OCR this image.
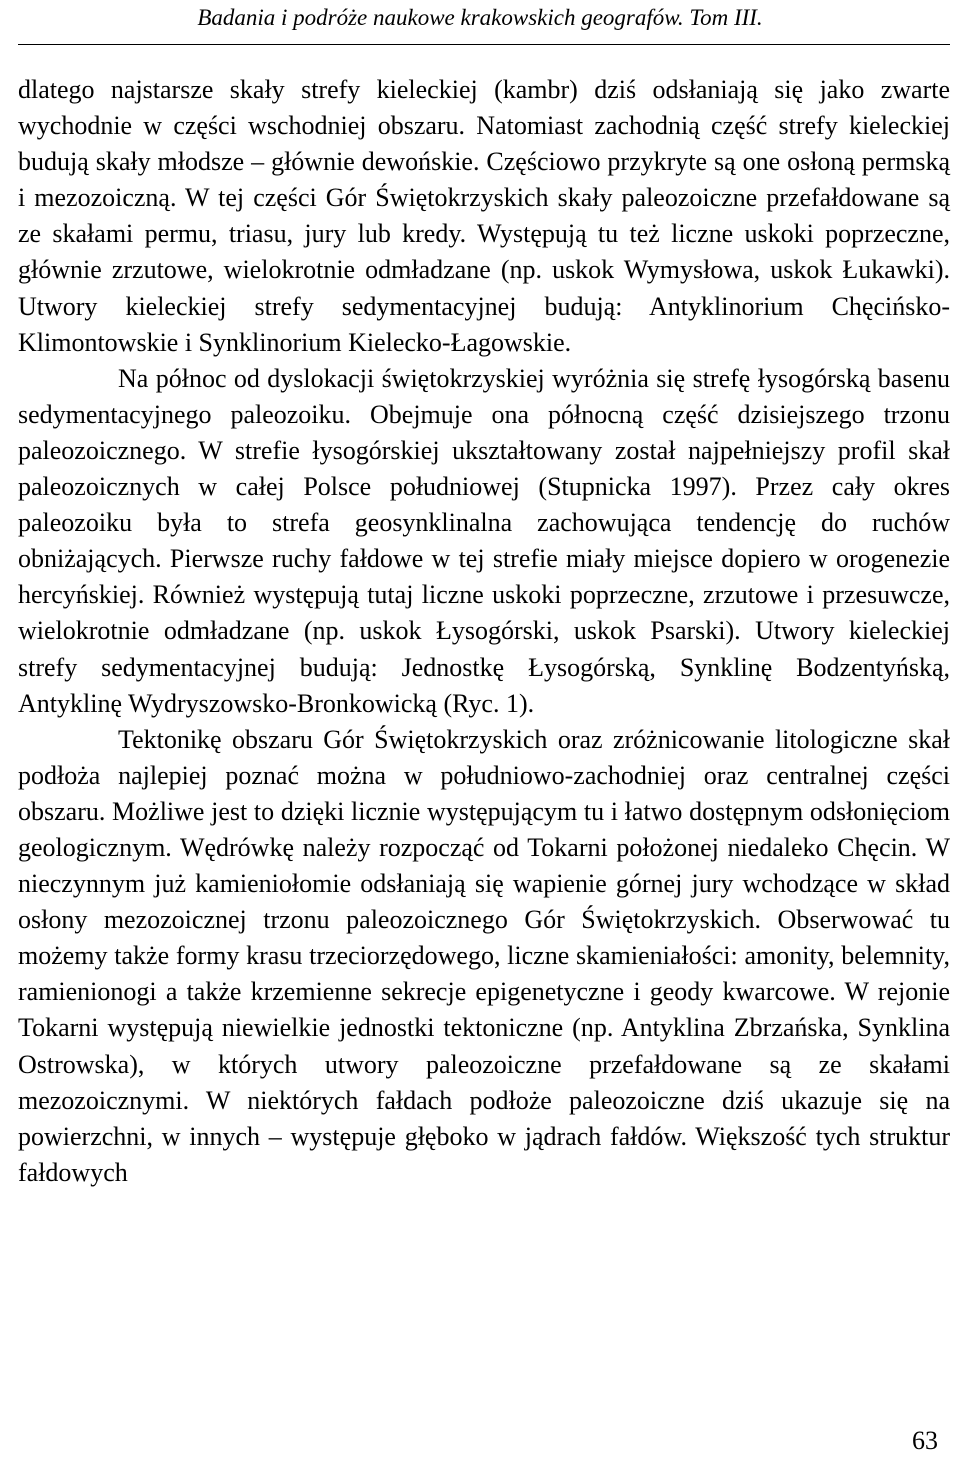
Badania i podróże naukowe krakowskich geografów. Tom III.

dlatego najstarsze skały strefy kieleckiej (kambr) dziś odsłaniają się jako zwarte wychodnie w części wschodniej obszaru. Natomiast zachodnią część strefy kieleckiej budują skały młodsze – głównie dewońskie. Częściowo przykryte są one osłoną permską i mezozoiczną. W tej części Gór Świętokrzyskich skały paleozoiczne przefałdowane są ze skałami permu, triasu, jury lub kredy. Występują tu też liczne uskoki poprzeczne, głównie zrzutowe, wielokrotnie odmładzane (np. uskok Wymysłowa, uskok Łukawki). Utwory kieleckiej strefy sedymentacyjnej budują: Antyklinorium Chęcińsko-Klimontowskie i Synklinorium Kielecko-Łagowskie.

Na północ od dyslokacji świętokrzyskiej wyróżnia się strefę łysogórską basenu sedymentacyjnego paleozoiku. Obejmuje ona północną część dzisiejszego trzonu paleozoicznego. W strefie łysogórskiej ukształtowany został najpełniejszy profil skał paleozoicznych w całej Polsce południowej (Stupnicka 1997). Przez cały okres paleozoiku była to strefa geosynklinalna zachowująca tendencję do ruchów obniżających. Pierwsze ruchy fałdowe w tej strefie miały miejsce dopiero w orogenezie hercyńskiej. Również występują tutaj liczne uskoki poprzeczne, zrzutowe i przesuwcze, wielokrotnie odmładzane (np. uskok Łysogórski, uskok Psarski). Utwory kieleckiej strefy sedymentacyjnej budują: Jednostkę Łysogórską, Synklinę Bodzentyńską, Antyklinę Wydryszowsko-Bronkowicką (Ryc. 1).

Tektonikę obszaru Gór Świętokrzyskich oraz zróżnicowanie litologiczne skał podłoża najlepiej poznać można w południowo-zachodniej oraz centralnej części obszaru. Możliwe jest to dzięki licznie występującym tu i łatwo dostępnym odsłonięciom geologicznym. Wędrówkę należy rozpocząć od Tokarni położonej niedaleko Chęcin. W nieczynnym już kamieniołomie odsłaniają się wapienie górnej jury wchodzące w skład osłony mezozoicznej trzonu paleozoicznego Gór Świętokrzyskich. Obserwować tu możemy także formy krasu trzeciorzędowego, liczne skamieniałości: amonity, belemnity, ramienionogi a także krzemienne sekrecje epigenetyczne i geody kwarcowe. W rejonie Tokarni występują niewielkie jednostki tektoniczne (np. Antyklina Zbrzańska, Synklina Ostrowska), w których utwory paleozoiczne przefałdowane są ze skałami mezozoicznymi. W niektórych fałdach podłoże paleozoiczne dziś ukazuje się na powierzchni, w innych – występuje głęboko w jądrach fałdów. Większość tych struktur fałdowych

63
